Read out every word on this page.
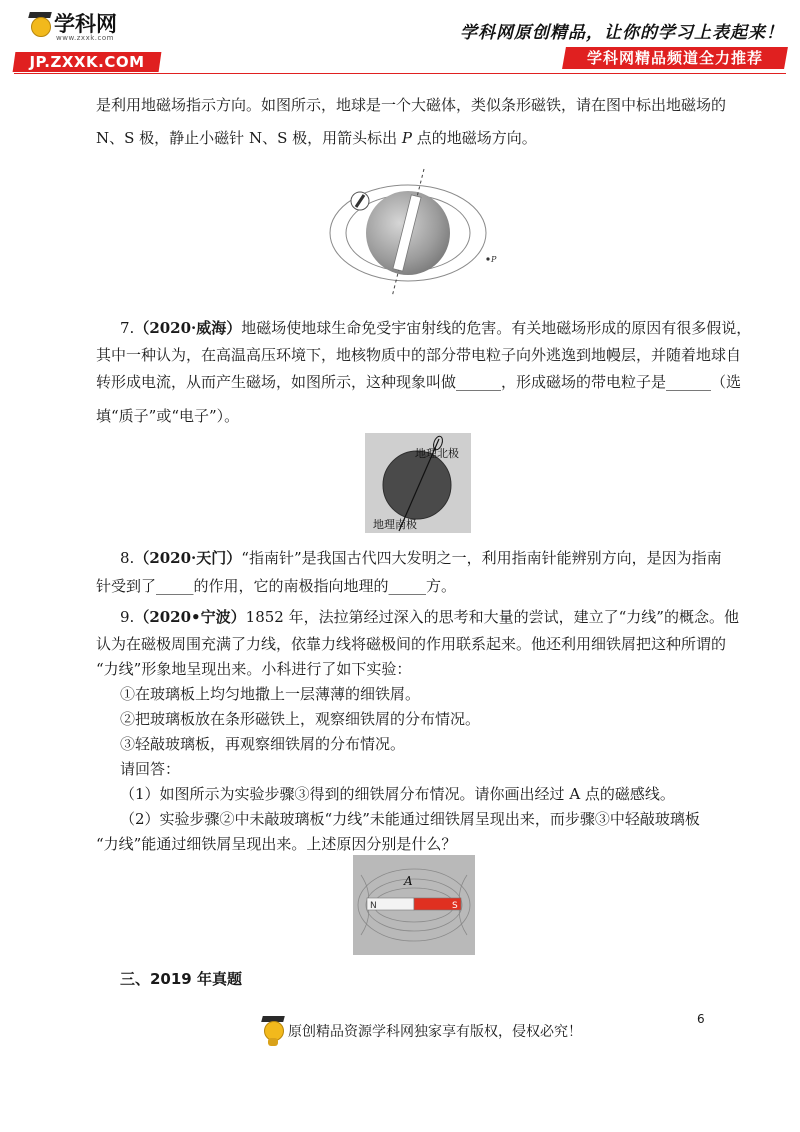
学科网
www.zxxk.com
JP.ZXXK.COM
学科网原创精品，让你的学习上表起来！
学科网精品频道全力推荐
是利用地磁场指示方向。如图所示，地球是一个大磁体，类似条形磁铁，请在图中标出地磁场的
N、S 极，静止小磁针 N、S 极，用箭头标出 P 点的地磁场方向。
P
7.（2020·威海）地磁场使地球生命免受宇宙射线的危害。有关地磁场形成的原因有很多假说，
其中一种认为，在高温高压环境下，地核物质中的部分带电粒子向外逃逸到地幔层，并随着地球自
转形成电流，从而产生磁场，如图所示，这种现象叫做______，形成磁场的带电粒子是______（选
填“质子”或“电子”）。
地理北极
地理南极
8.（2020·天门）“指南针”是我国古代四大发明之一，利用指南针能辨别方向，是因为指南
针受到了_____的作用，它的南极指向地理的_____方。
9.（2020•宁波）1852 年，法拉第经过深入的思考和大量的尝试，建立了“力线”的概念。他
认为在磁极周围充满了力线，依靠力线将磁极间的作用联系起来。他还利用细铁屑把这种所谓的
“力线”形象地呈现出来。小科进行了如下实验：
①在玻璃板上均匀地撒上一层薄薄的细铁屑。
②把玻璃板放在条形磁铁上，观察细铁屑的分布情况。
③轻敲玻璃板，再观察细铁屑的分布情况。
请回答：
（1）如图所示为实验步骤③得到的细铁屑分布情况。请你画出经过 A 点的磁感线。
（2）实验步骤②中未敲玻璃板“力线”未能通过细铁屑呈现出来，而步骤③中轻敲玻璃板
“力线”能通过细铁屑呈现出来。上述原因分别是什么？
N	S
A
三、2019 年真题
6
原创精品资源学科网独家享有版权，侵权必究！
